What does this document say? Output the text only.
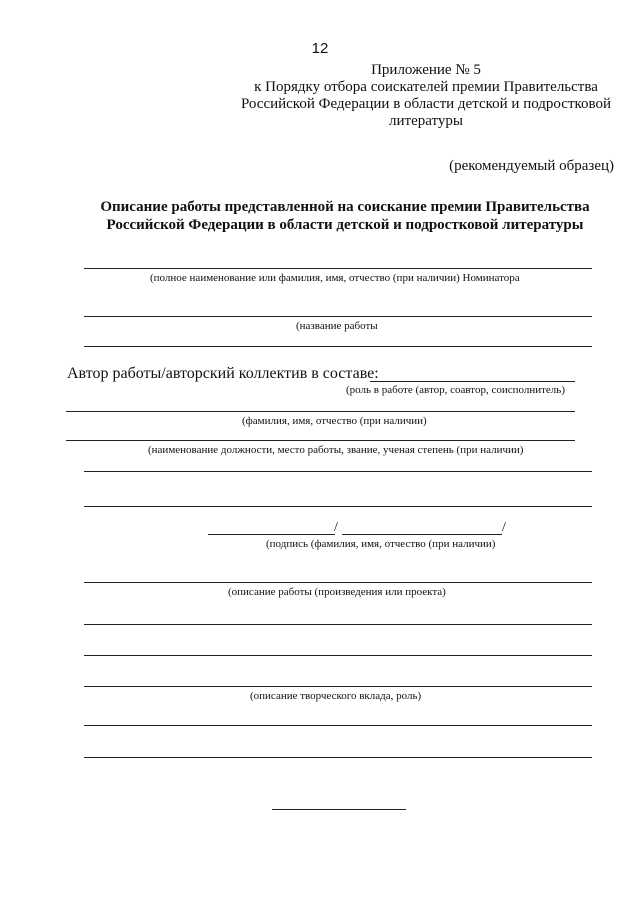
12
Приложение № 5
к Порядку отбора соискателей премии Правительства
Российской Федерации в области детской и подростковой
литературы
(рекомендуемый образец)
Описание работы представленной на соискание премии Правительства
Российской Федерации в области детской и подростковой литературы
(полное наименование или фамилия, имя, отчество (при наличии) Номинатора
(название работы
Автор работы/авторский коллектив в составе:
(роль в работе (автор, соавтор, соисполнитель)
(фамилия, имя, отчество (при наличии)
(наименование должности, место работы, звание, ученая степень (при наличии)
/	/
(подпись (фамилия, имя, отчество (при наличии)
(описание работы (произведения или проекта)
(описание творческого вклада, роль)
